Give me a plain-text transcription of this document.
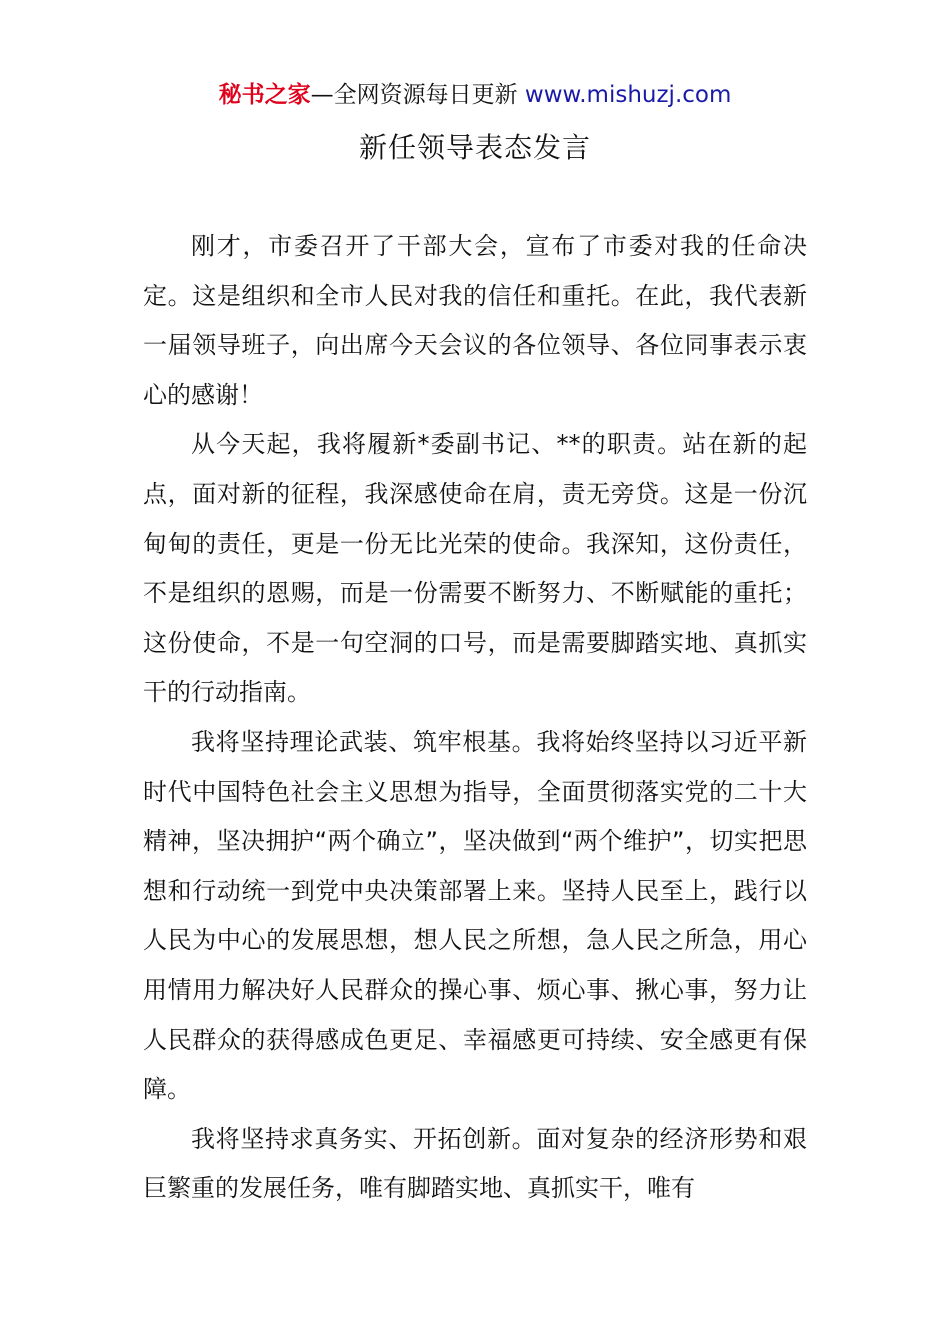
秘书之家—全网资源每日更新 www.mishuzj.com
新任领导表态发言

刚才，市委召开了干部大会，宣布了市委对我的任命决定。这是组织和全市人民对我的信任和重托。在此，我代表新一届领导班子，向出席今天会议的各位领导、各位同事表示衷心的感谢！

从今天起，我将履新*委副书记、**的职责。站在新的起点，面对新的征程，我深感使命在肩，责无旁贷。这是一份沉甸甸的责任，更是一份无比光荣的使命。我深知，这份责任，不是组织的恩赐，而是一份需要不断努力、不断赋能的重托；这份使命，不是一句空洞的口号，而是需要脚踏实地、真抓实干的行动指南。

我将坚持理论武装、筑牢根基。我将始终坚持以习近平新时代中国特色社会主义思想为指导，全面贯彻落实党的二十大精神，坚决拥护“两个确立”，坚决做到“两个维护”，切实把思想和行动统一到党中央决策部署上来。坚持人民至上，践行以人民为中心的发展思想，想人民之所想，急人民之所急，用心用情用力解决好人民群众的操心事、烦心事、揪心事，努力让人民群众的获得感成色更足、幸福感更可持续、安全感更有保障。

我将坚持求真务实、开拓创新。面对复杂的经济形势和艰巨繁重的发展任务，唯有脚踏实地、真抓实干，唯有
